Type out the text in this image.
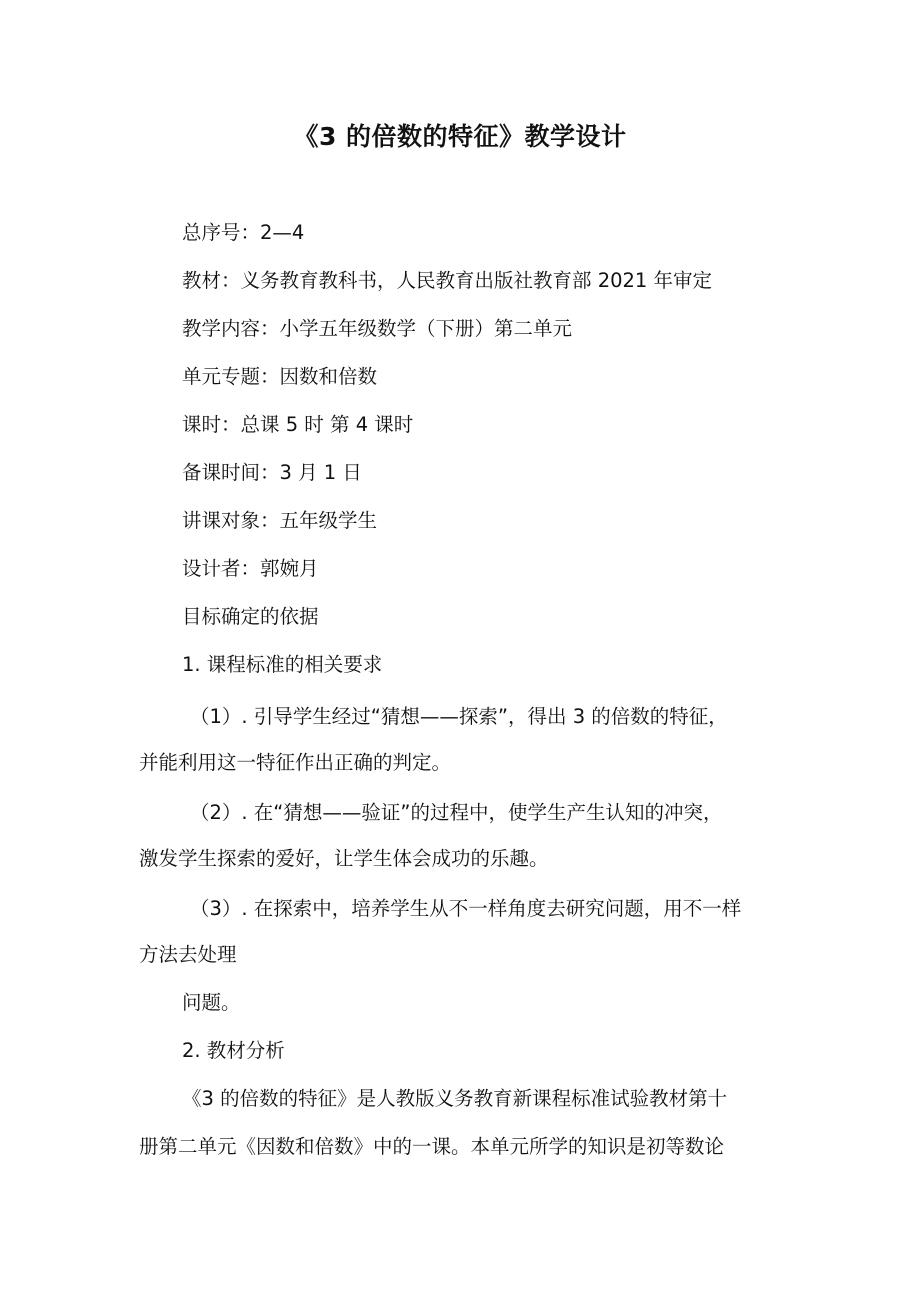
《3 的倍数的特征》教学设计
总序号：2—4
教材：义务教育教科书，人民教育出版社教育部 2021 年审定
教学内容：小学五年级数学（下册）第二单元
单元专题：因数和倍数
课时：总课 5 时 第 4 课时
备课时间：3 月 1 日
讲课对象：五年级学生
设计者：郭婉月
目标确定的依据
1. 课程标准的相关要求
（1）. 引导学生经过“猜想——探索”，得出 3 的倍数的特征，
并能利用这一特征作出正确的判定。
（2）. 在“猜想——验证”的过程中，使学生产生认知的冲突，
激发学生探索的爱好，让学生体会成功的乐趣。
（3）. 在探索中，培养学生从不一样角度去研究问题，用不一样
方法去处理
问题。
2. 教材分析
《3 的倍数的特征》是人教版义务教育新课程标准试验教材第十
册第二单元《因数和倍数》中的一课。本单元所学的知识是初等数论
